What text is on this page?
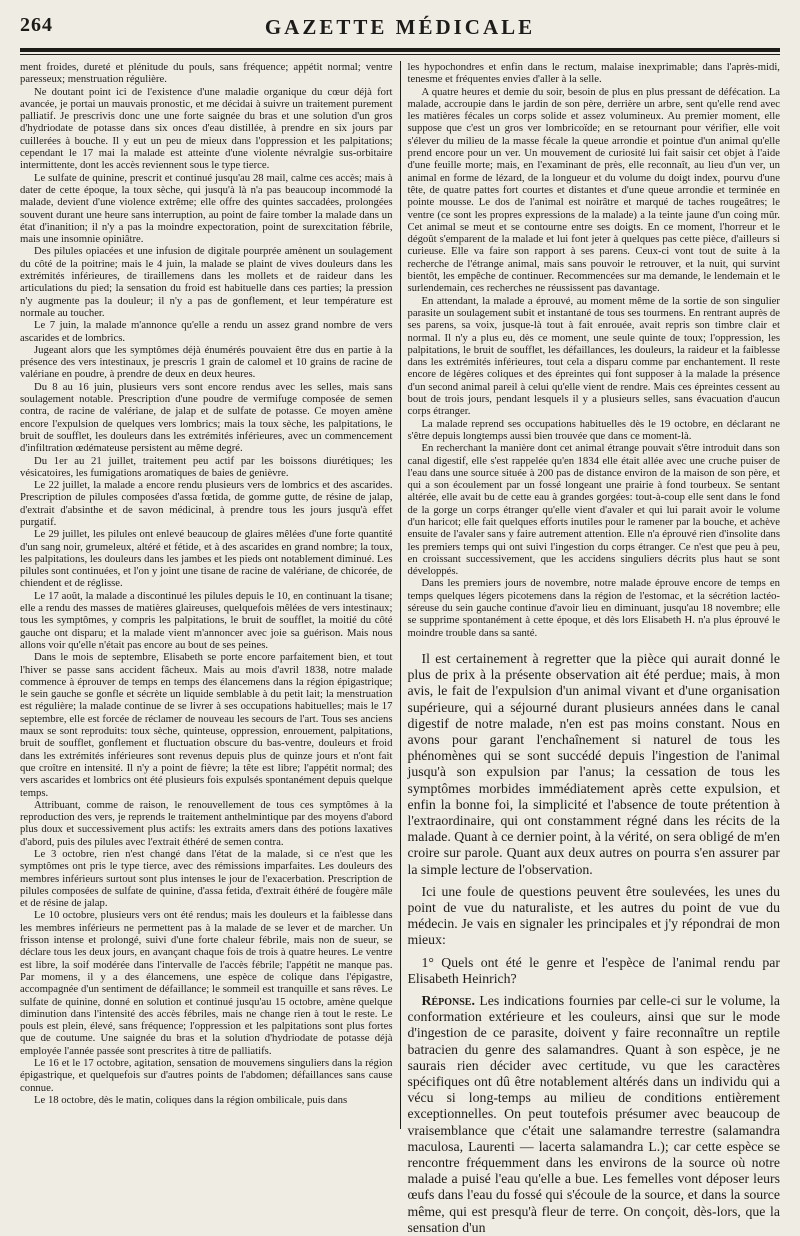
264	GAZETTE MÉDICALE

ment froides, dureté et plénitude du pouls, sans fréquence; appétit normal; ventre paresseux; menstruation régulière.

Ne doutant point ici de l'existence d'une maladie organique du cœur déjà fort avancée, je portai un mauvais pronostic, et me décidai à suivre un traitement purement palliatif. Je prescrivis donc une une forte saignée du bras et une solution d'un gros d'hydriodate de potasse dans six onces d'eau distillée, à prendre en six jours par cuillerées à bouche. Il y eut un peu de mieux dans l'oppression et les palpitations; cependant le 17 mai la malade est atteinte d'une violente névralgie sus-orbitaire intermittente, dont les accès reviennent sous le type tierce.

Le sulfate de quinine, prescrit et continué jusqu'au 28 mail, calme ces accès; mais à dater de cette époque, la toux sèche, qui jusqu'à là n'a pas beaucoup incommodé la malade, devient d'une violence extrême; elle offre des quintes saccadées, prolongées souvent durant une heure sans interruption, au point de faire tomber la malade dans un état d'inanition; il n'y a pas la moindre expectoration, point de surexcitation fébrile, mais une insomnie opiniâtre.

Des pilules opiacées et une infusion de digitale pourprée amènent un soulagement du côté de la poitrine; mais le 4 juin, la malade se plaint de vives douleurs dans les extrémités inférieures, de tiraillemens dans les mollets et de raideur dans les articulations du pied; la sensation du froid est habituelle dans ces parties; la pression n'y augmente pas la douleur; il n'y a pas de gonflement, et leur température est normale au toucher.

Le 7 juin, la malade m'annonce qu'elle a rendu un assez grand nombre de vers ascarides et de lombrics.

Jugeant alors que les symptômes déjà énumérés pouvaient être dus en partie à la présence des vers intestinaux, je prescris 1 grain de calomel et 10 grains de racine de valériane en poudre, à prendre de deux en deux heures.

Du 8 au 16 juin, plusieurs vers sont encore rendus avec les selles, mais sans soulagement notable. Prescription d'une poudre de vermifuge composée de semen contra, de racine de valériane, de jalap et de sulfate de potasse. Ce moyen amène encore l'expulsion de quelques vers lombrics; mais la toux sèche, les palpitations, le bruit de soufflet, les douleurs dans les extrémités inférieures, avec un commencement d'infiltration œdémateuse persistent au même degré.

Du 1er au 21 juillet, traitement peu actif par les boissons diurétiques; les vésicatoires, les fumigations aromatiques de baies de genièvre.

Le 22 juillet, la malade a encore rendu plusieurs vers de lombrics et des ascarides. Prescription de pilules composées d'assa fœtida, de gomme gutte, de résine de jalap, d'extrait d'absinthe et de savon médicinal, à prendre tous les jours jusqu'à effet purgatif.

Le 29 juillet, les pilules ont enlevé beaucoup de glaires mêlées d'une forte quantité d'un sang noir, grumeleux, altéré et fétide, et à des ascarides en grand nombre; la toux, les palpitations, les douleurs dans les jambes et les pieds ont notablement diminué. Les pilules sont continuées, et l'on y joint une tisane de racine de valériane, de chicorée, de chiendent et de réglisse.

Le 17 août, la malade a discontinué les pilules depuis le 10, en continuant la tisane; elle a rendu des masses de matières glaireuses, quelquefois mêlées de vers intestinaux; tous les symptômes, y compris les palpitations, le bruit de soufflet, la moitié du côté gauche ont disparu; et la malade vient m'annoncer avec joie sa guérison. Mais nous allons voir qu'elle n'était pas encore au bout de ses peines.

Dans le mois de septembre, Elisabeth se porte encore parfaitement bien, et tout l'hiver se passe sans accident fâcheux. Mais au mois d'avril 1838, notre malade commence à éprouver de temps en temps des élancemens dans la région épigastrique; le sein gauche se gonfle et sécrète un liquide semblable à du petit lait; la menstruation est régulière; la malade continue de se livrer à ses occupations habituelles; mais le 17 septembre, elle est forcée de réclamer de nouveau les secours de l'art. Tous ses anciens maux se sont reproduits: toux sèche, quinteuse, oppression, enrouement, palpitations, bruit de soufflet, gonflement et fluctuation obscure du bas-ventre, douleurs et froid dans les extrémités inférieures sont revenus depuis plus de quinze jours et n'ont fait que croître en intensité. Il n'y a point de fièvre; la tête est libre; l'appétit normal; des vers ascarides et lombrics ont été plusieurs fois expulsés spontanément depuis quelque temps.

Attribuant, comme de raison, le renouvellement de tous ces symptômes à la reproduction des vers, je reprends le traitement anthelmintique par des moyens d'abord plus doux et successivement plus actifs: les extraits amers dans des potions laxatives d'abord, puis des pilules avec l'extrait éthéré de semen contra.

Le 3 octobre, rien n'est changé dans l'état de la malade, si ce n'est que les symptômes ont pris le type tierce, avec des rémissions imparfaites. Les douleurs des membres inférieurs surtout sont plus intenses le jour de l'exacerbation. Prescription de pilules composées de sulfate de quinine, d'assa fetida, d'extrait éthéré de fougère mâle et de résine de jalap.

Le 10 octobre, plusieurs vers ont été rendus; mais les douleurs et la faiblesse dans les membres inférieurs ne permettent pas à la malade de se lever et de marcher. Un frisson intense et prolongé, suivi d'une forte chaleur fébrile, mais non de sueur, se déclare tous les deux jours, en avançant chaque fois de trois à quatre heures. Le ventre est libre, la soif modérée dans l'intervalle de l'accès fébrile; l'appétit ne manque pas. Par momens, il y a des élancemens, une espèce de colique dans l'épigastre, accompagnée d'un sentiment de défaillance; le sommeil est tranquille et sans rêves. Le sulfate de quinine, donné en solution et continué jusqu'au 15 octobre, amène quelque diminution dans l'intensité des accès fébriles, mais ne change rien à tout le reste. Le pouls est plein, élevé, sans fréquence; l'oppression et les palpitations sont plus fortes que de coutume. Une saignée du bras et la solution d'hydriodate de potasse déjà employée l'année passée sont prescrites à titre de palliatifs.

Le 16 et le 17 octobre, agitation, sensation de mouvemens singuliers dans la région épigastrique, et quelquefois sur d'autres points de l'abdomen; défaillances sans cause connue.

Le 18 octobre, dès le matin, coliques dans la région ombilicale, puis dans

les hypochondres et enfin dans le rectum, malaise inexprimable; dans l'après-midi, tenesme et fréquentes envies d'aller à la selle.

A quatre heures et demie du soir, besoin de plus en plus pressant de défécation. La malade, accroupie dans le jardin de son père, derrière un arbre, sent qu'elle rend avec les matières fécales un corps solide et assez volumineux. Au premier moment, elle suppose que c'est un gros ver lombricoïde; en se retournant pour vérifier, elle voit s'élever du milieu de la masse fécale la queue arrondie et pointue d'un animal qu'elle prend encore pour un ver. Un mouvement de curiosité lui fait saisir cet objet à l'aide d'une feuille morte; mais, en l'examinant de près, elle reconnaît, au lieu d'un ver, un animal en forme de lézard, de la longueur et du volume du doigt index, pourvu d'une tête, de quatre pattes fort courtes et distantes et d'une queue arrondie et terminée en pointe mousse. Le dos de l'animal est noirâtre et marqué de taches rougeâtres; le ventre (ce sont les propres expressions de la malade) a la teinte jaune d'un coing mûr. Cet animal se meut et se contourne entre ses doigts. En ce moment, l'horreur et le dégoût s'emparent de la malade et lui font jeter à quelques pas cette pièce, d'ailleurs si curieuse. Elle va faire son rapport à ses parens. Ceux-ci vont tout de suite à la recherche de l'étrange animal, mais sans pouvoir le retrouver, et la nuit, qui survint bientôt, les empêche de continuer. Recommencées sur ma demande, le lendemain et le surlendemain, ces recherches ne réussissent pas davantage.

En attendant, la malade a éprouvé, au moment même de la sortie de son singulier parasite un soulagement subit et instantané de tous ses tourmens. En rentrant auprès de ses parens, sa voix, jusque-là tout à fait enrouée, avait repris son timbre clair et normal. Il n'y a plus eu, dès ce moment, une seule quinte de toux; l'oppression, les palpitations, le bruit de soufflet, les défaillances, les douleurs, la raideur et la faiblesse dans les extrémités inférieures, tout cela a disparu comme par enchantement. Il reste encore de légères coliques et des épreintes qui font supposer à la malade la présence d'un second animal pareil à celui qu'elle vient de rendre. Mais ces épreintes cessent au bout de trois jours, pendant lesquels il y a plusieurs selles, sans évacuation d'aucun corps étranger.

La malade reprend ses occupations habituelles dès le 19 octobre, en déclarant ne s'être depuis longtemps aussi bien trouvée que dans ce moment-là.

En recherchant la manière dont cet animal étrange pouvait s'être introduit dans son canal digestif, elle s'est rappelée qu'en 1834 elle était allée avec une cruche puiser de l'eau dans une source située à 200 pas de distance environ de la maison de son père, et qui a son écoulement par un fossé longeant une prairie à fond tourbeux. Se sentant altérée, elle avait bu de cette eau à grandes gorgées: tout-à-coup elle sent dans le fond de la gorge un corps étranger qu'elle vient d'avaler et qui lui parait avoir le volume d'un haricot; elle fait quelques efforts inutiles pour le ramener par la bouche, et achève ensuite de l'avaler sans y faire autrement attention. Elle n'a éprouvé rien d'insolite dans les premiers temps qui ont suivi l'ingestion du corps étranger. Ce n'est que peu à peu, en croissant successivement, que les accidens singuliers décrits plus haut se sont développés.

Dans les premiers jours de novembre, notre malade éprouve encore de temps en temps quelques légers picotemens dans la région de l'estomac, et la sécrétion lactéo-séreuse du sein gauche continue d'avoir lieu en diminuant, jusqu'au 18 novembre; elle se supprime spontanément à cette époque, et dès lors Elisabeth H. n'a plus éprouvé le moindre trouble dans sa santé.

Il est certainement à regretter que la pièce qui aurait donné le plus de prix à la présente observation ait été perdue; mais, à mon avis, le fait de l'expulsion d'un animal vivant et d'une organisation supérieure, qui a séjourné durant plusieurs années dans le canal digestif de notre malade, n'en est pas moins constant. Nous en avons pour garant l'enchaînement si naturel de tous les phénomènes qui se sont succédé depuis l'ingestion de l'animal jusqu'à son expulsion par l'anus; la cessation de tous les symptômes morbides immédiatement après cette expulsion, et enfin la bonne foi, la simplicité et l'absence de toute prétention à l'extraordinaire, qui ont constamment régné dans les récits de la malade. Quant à ce dernier point, à la vérité, on sera obligé de m'en croire sur parole. Quant aux deux autres on pourra s'en assurer par la simple lecture de l'observation.

Ici une foule de questions peuvent être soulevées, les unes du point de vue du naturaliste, et les autres du point de vue du médecin. Je vais en signaler les principales et j'y répondrai de mon mieux:

1° Quels ont été le genre et l'espèce de l'animal rendu par Elisabeth Heinrich?

Réponse. Les indications fournies par celle-ci sur le volume, la conformation extérieure et les couleurs, ainsi que sur le mode d'ingestion de ce parasite, doivent y faire reconnaître un reptile batracien du genre des salamandres. Quant à son espèce, je ne saurais rien décider avec certitude, vu que les caractères spécifiques ont dû être notablement altérés dans un individu qui a vécu si long-temps au milieu de conditions entièrement exceptionnelles. On peut toutefois présumer avec beaucoup de vraisemblance que c'était une salamandre terrestre (salamandra maculosa, Laurenti — lacerta salamandra L.); car cette espèce se rencontre fréquemment dans les environs de la source où notre malade a puisé l'eau qu'elle a bue. Les femelles vont déposer leurs œufs dans l'eau du fossé qui s'écoule de la source, et dans la source même, qui est presqu'à fleur de terre. On conçoit, dès-lors, que la sensation d'un
